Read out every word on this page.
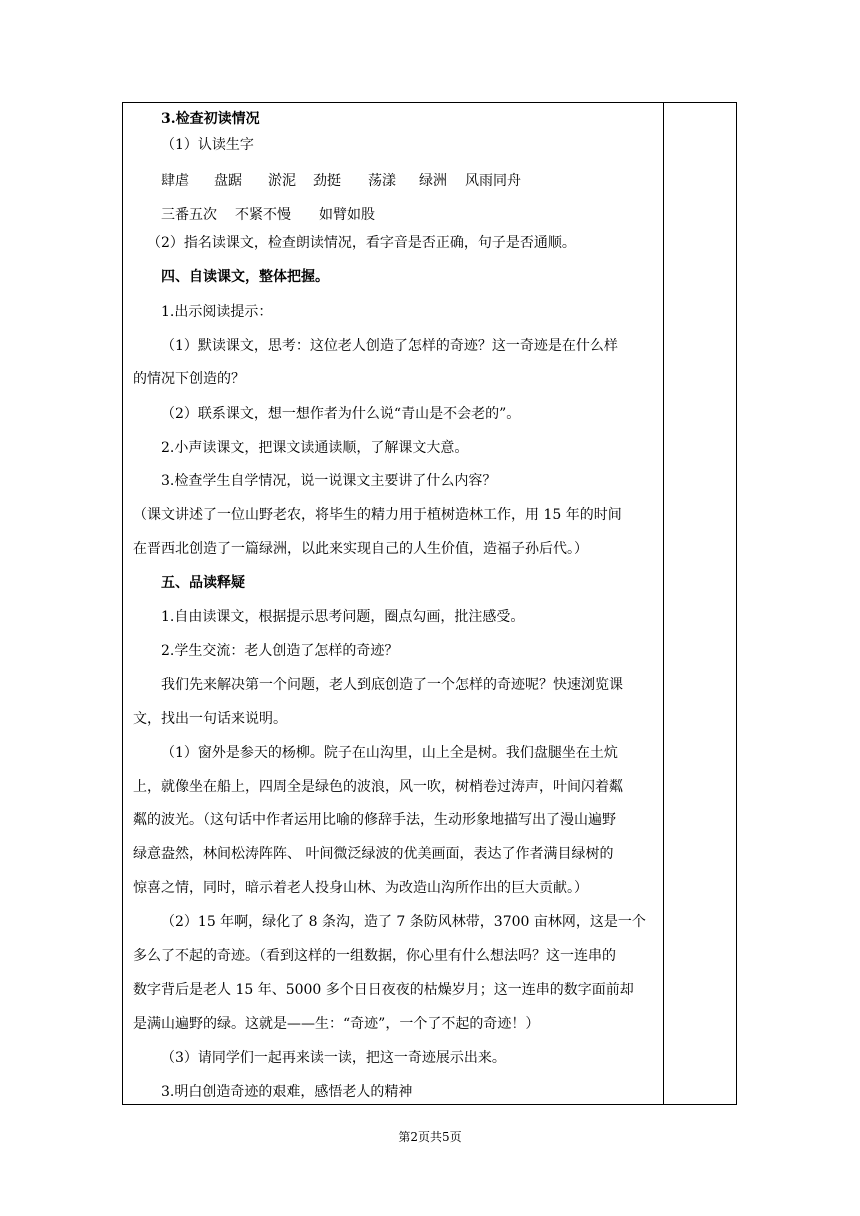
3.检查初读情况
（1）认读生字
肆虐 盘踞 淤泥 劲挺 荡漾 绿洲 风雨同舟
三番五次 不紧不慢 如臂如股
（2）指名读课文，检查朗读情况，看字音是否正确，句子是否通顺。
四、自读课文，整体把握。
1.出示阅读提示：
（1）默读课文，思考：这位老人创造了怎样的奇迹？这一奇迹是在什么样
的情况下创造的？
（2）联系课文，想一想作者为什么说“青山是不会老的”。
2.小声读课文，把课文读通读顺，了解课文大意。
3.检查学生自学情况，说一说课文主要讲了什么内容？
（课文讲述了一位山野老农，将毕生的精力用于植树造林工作，用 15 年的时间
在晋西北创造了一篇绿洲，以此来实现自己的人生价值，造福子孙后代。）
五、品读释疑
1.自由读课文，根据提示思考问题，圈点勾画，批注感受。
2.学生交流：老人创造了怎样的奇迹？
我们先来解决第一个问题，老人到底创造了一个怎样的奇迹呢？快速浏览课
文，找出一句话来说明。
（1）窗外是参天的杨柳。院子在山沟里，山上全是树。我们盘腿坐在土炕
上，就像坐在船上，四周全是绿色的波浪，风一吹，树梢卷过涛声，叶间闪着粼
粼的波光。（这句话中作者运用比喻的修辞手法，生动形象地描写出了漫山遍野
绿意盎然，林间松涛阵阵、 叶间微泛绿波的优美画面，表达了作者满目绿树的
惊喜之情，同时，暗示着老人投身山林、为改造山沟所作出的巨大贡献。）
（2）15 年啊，绿化了 8 条沟，造了 7 条防风林带，3700 亩林网，这是一个
多么了不起的奇迹。（看到这样的一组数据，你心里有什么想法吗？这一连串的
数字背后是老人 15 年、5000 多个日日夜夜的枯燥岁月；这一连串的数字面前却
是满山遍野的绿。这就是——生：“奇迹”，一个了不起的奇迹！）
（3）请同学们一起再来读一读，把这一奇迹展示出来。
3.明白创造奇迹的艰难，感悟老人的精神
第2页共5页
